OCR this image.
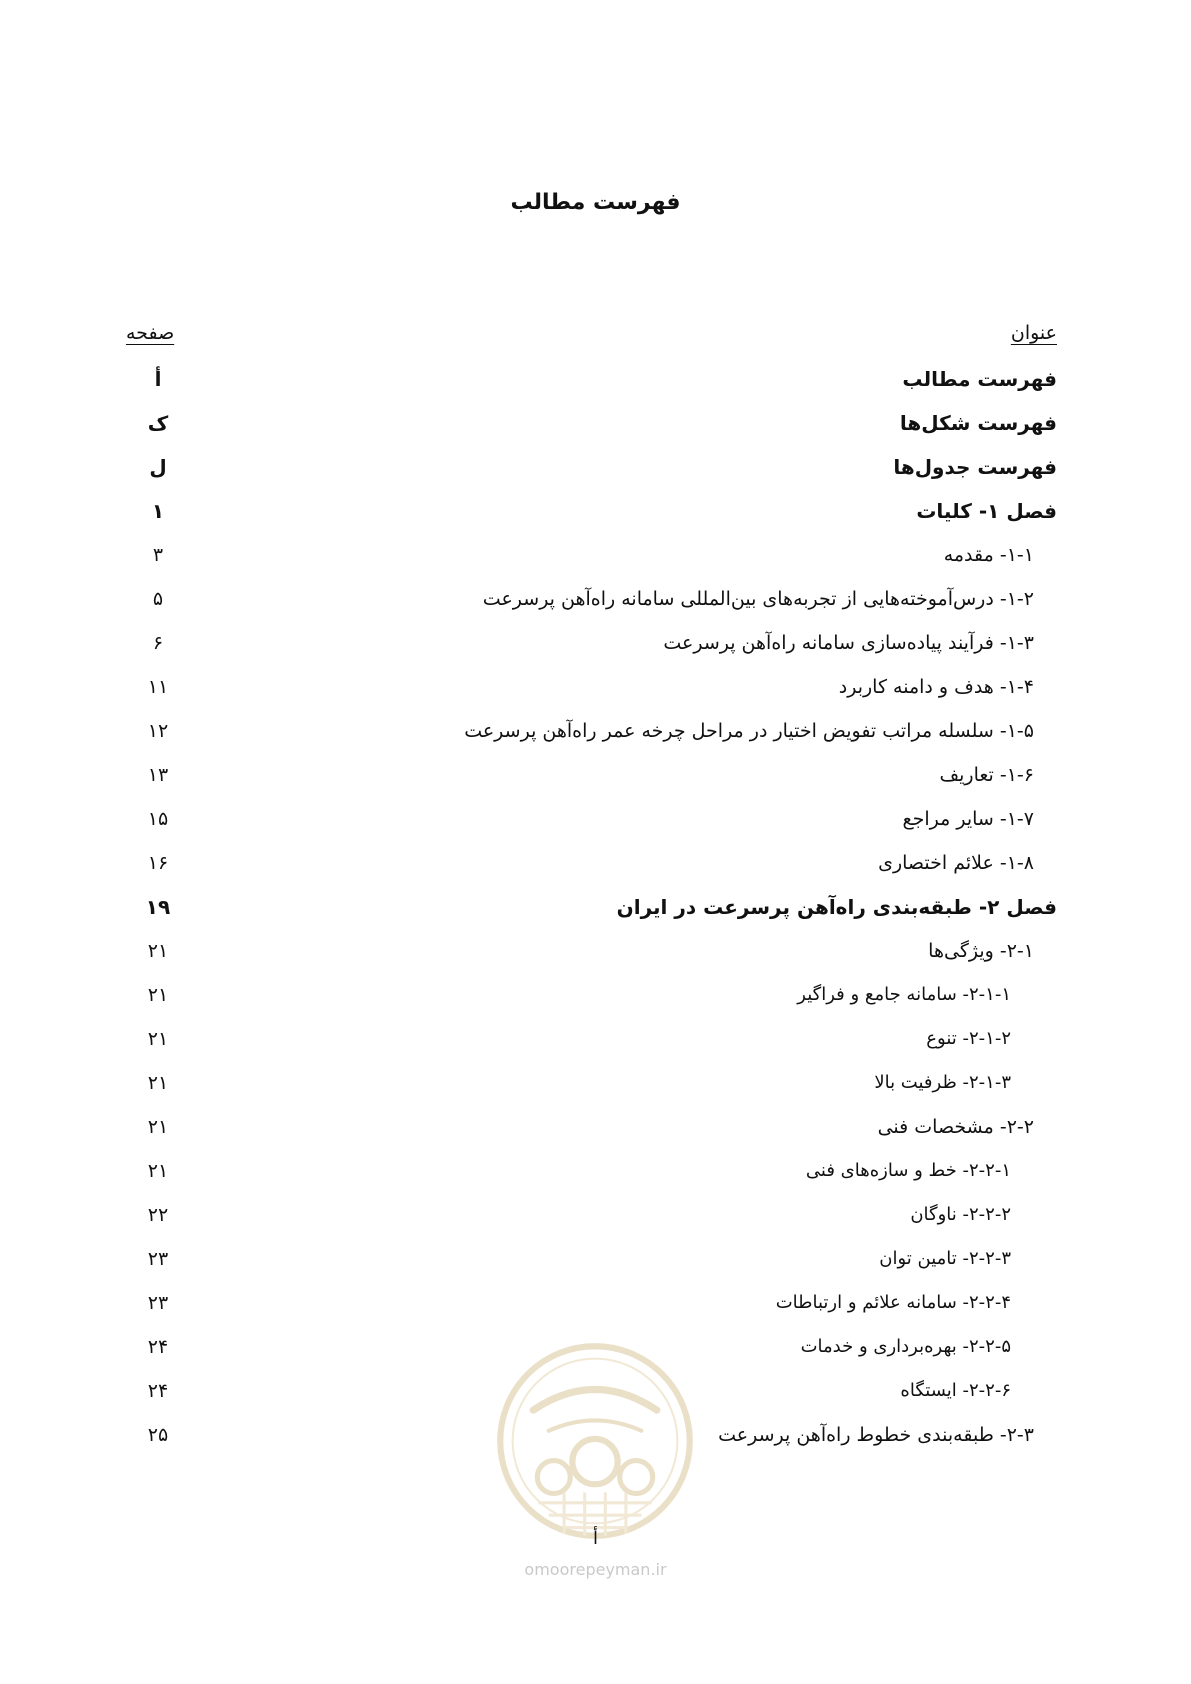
فهرست مطالب
عنوان
صفحه
فهرست مطالب
أ
فهرست شکل‌ها
ک
فهرست جدول‌ها
ل
فصل ۱- کلیات
۱
۱-۱- مقدمه
۳
۱-۲- درس‌آموخته‌هایی از تجربه‌های بین‌المللی سامانه راه‌آهن پرسرعت
۵
۱-۳- فرآیند پیاده‌سازی سامانه راه‌آهن پرسرعت
۶
۱-۴- هدف و دامنه کاربرد
۱۱
۱-۵- سلسله مراتب تفویض اختیار در مراحل چرخه عمر راه‌آهن پرسرعت
۱۲
۱-۶- تعاریف
۱۳
۱-۷- سایر مراجع
۱۵
۱-۸- علائم اختصاری
۱۶
فصل ۲- طبقه‌بندی راه‌آهن پرسرعت در ایران
۱۹
۲-۱- ویژگی‌ها
۲۱
۲-۱-۱- سامانه جامع و فراگیر
۲۱
۲-۱-۲- تنوع
۲۱
۲-۱-۳- ظرفیت بالا
۲۱
۲-۲- مشخصات فنی
۲۱
۲-۲-۱- خط و سازه‌های فنی
۲۱
۲-۲-۲- ناوگان
۲۲
۲-۲-۳- تامین توان
۲۳
۲-۲-۴- سامانه علائم و ارتباطات
۲۳
۲-۲-۵- بهره‌برداری و خدمات
۲۴
۲-۲-۶- ایستگاه
۲۴
۲-۳- طبقه‌بندی خطوط راه‌آهن پرسرعت
۲۵
أ
omoorepeyman.ir
